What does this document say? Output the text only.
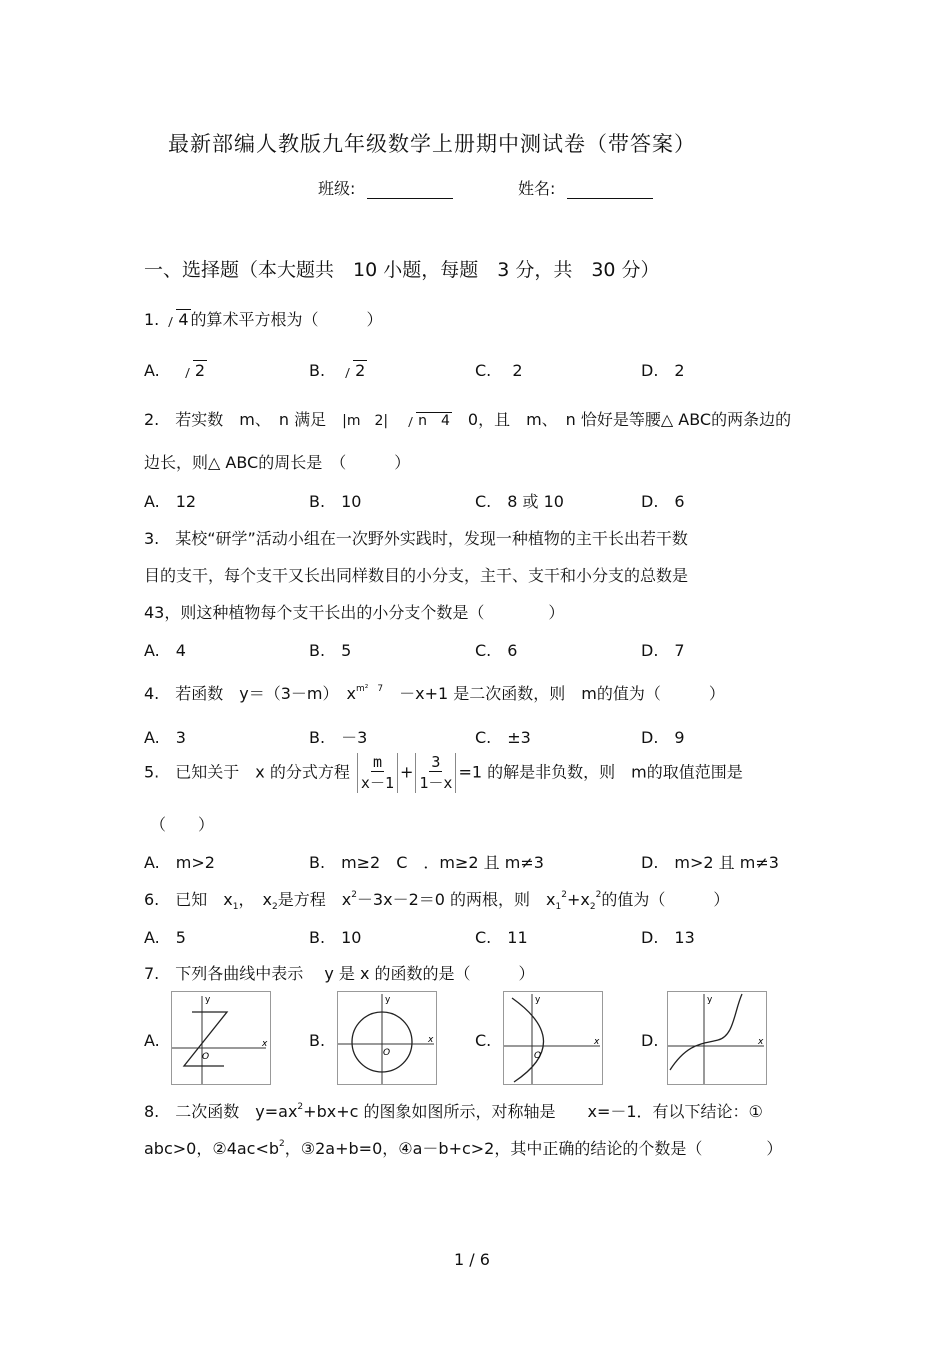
最新部编人教版九年级数学上册期中测试卷（带答案）
班级:	姓名:
一、选择题（本大题共　10 小题，每题　3 分，共　30 分）
1. 4 的算术平方根为（　　　）
A.　 2	B.　 2	C.　 2	D.　2
2.　若实数　m、　n 满足　 |m　2|　 n　4　0，且　m、　n 恰好是等腰△ ABC的两条边的
边长，则△ ABC的周长是　（　　　）
A.　12	B.　10	C.　8 或 10	D.　6
3.　某校“研学”活动小组在一次野外实践时，发现一种植物的主干长出若干数
目的支干，每个支干又长出同样数目的小分支，主干、支干和小分支的总数是
43，则这种植物每个支干长出的小分支个数是（　　　　）
A.　4	B.　5	C.　6	D.　7
4.　若函数　y＝（3－m）　$x^{m^2 7}$　 －x+1 是二次函数，则　m的值为（　　　）
A.　3	B.　－3	C.　±3	D.　9
5.　已知关于　x 的分式方程 $\frac{m}{x-1} + \frac{3}{1-x} =1$ 的解是非负数，则　m的取值范围是
（　　）
A.　m>2	B.　m≥2　C　．m≥2 且 m≠3	D.　m>2 且 m≠3
6.　已知　$x_1$，　$x_2$是方程　$x^2-3x-2=0$ 的两根，则　$x_1^2+x_2^2$的值为（　　　）
A.　5	B.　10	C.　11	D.　13
7.　下列各曲线中表示　 y 是 x 的函数的是（　　　）
A.	B.	C.	D.
y
x
O
y
x
O
y
x
O
y
x
8.　二次函数　$y=ax^2+bx+c$ 的图象如图所示，对称轴是　　x=－1．有以下结论：①
abc>0，$②4ac<b^2$，③2a+b=0，④a－b+c>2，其中正确的结论的个数是（　　　　）
1 / 6
